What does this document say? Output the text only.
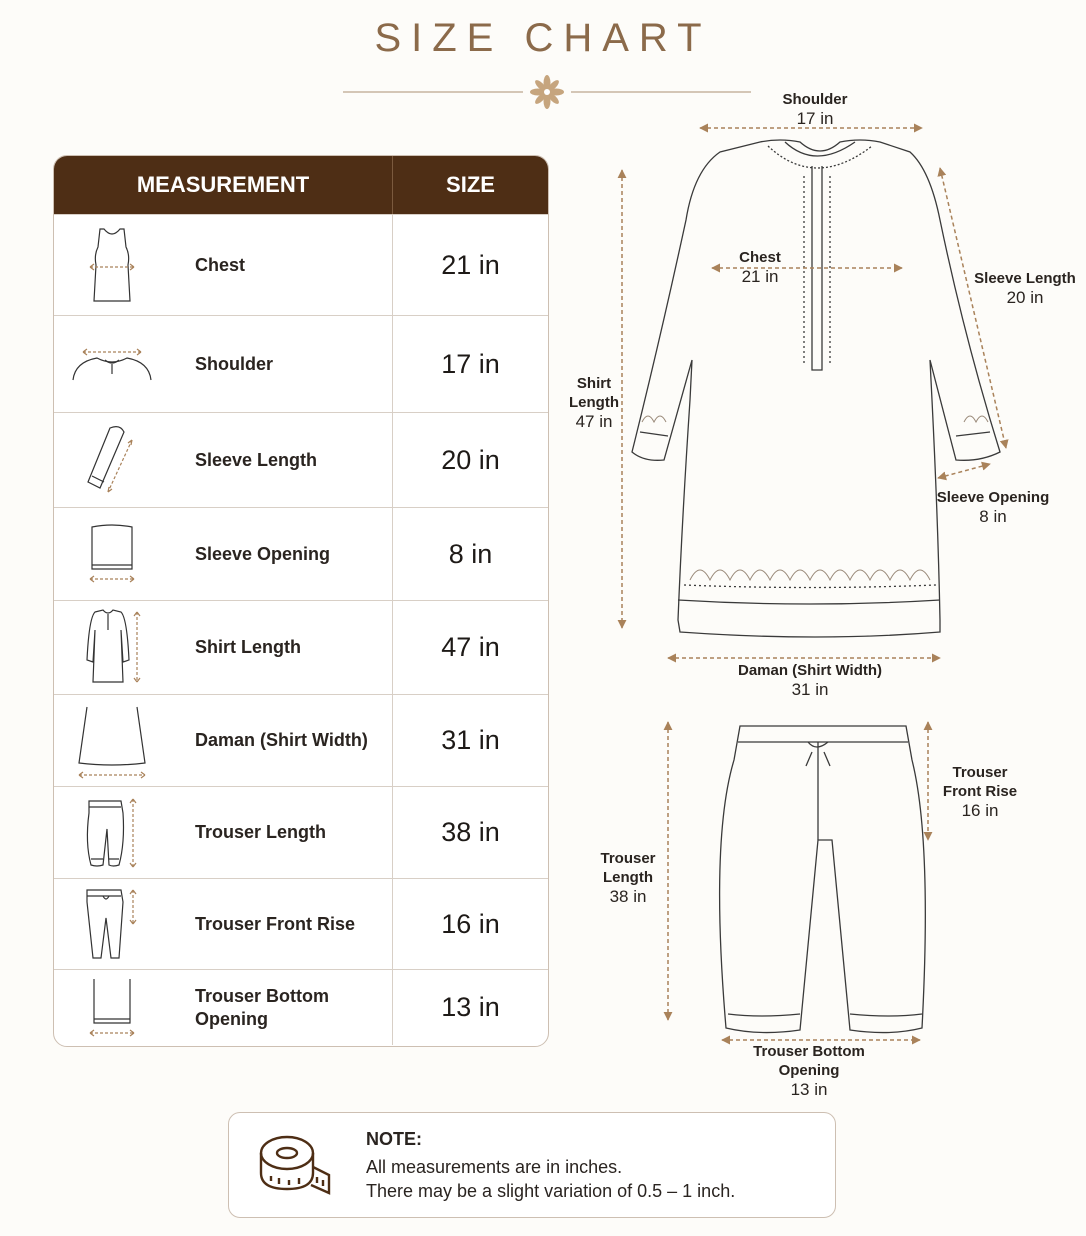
SIZE CHART
MEASUREMENT	SIZE
Chest	21 in
Shoulder	17 in
Sleeve Length	20 in
Sleeve Opening	8 in
Shirt Length	47 in
Daman (Shirt Width)	31 in
Trouser Length	38 in
Trouser Front Rise	16 in
Trouser Bottom Opening	13 in
Shoulder
17 in
Chest
21 in	Sleeve Length
20 in
Shirt
Length
47 in
Sleeve Opening
8 in
Daman (Shirt Width)
31 in
Trouser
Front Rise
16 in
Trouser
Length
38 in
Trouser Bottom
Opening
13 in
NOTE:
All measurements are in inches.
There may be a slight variation of 0.5 – 1 inch.
